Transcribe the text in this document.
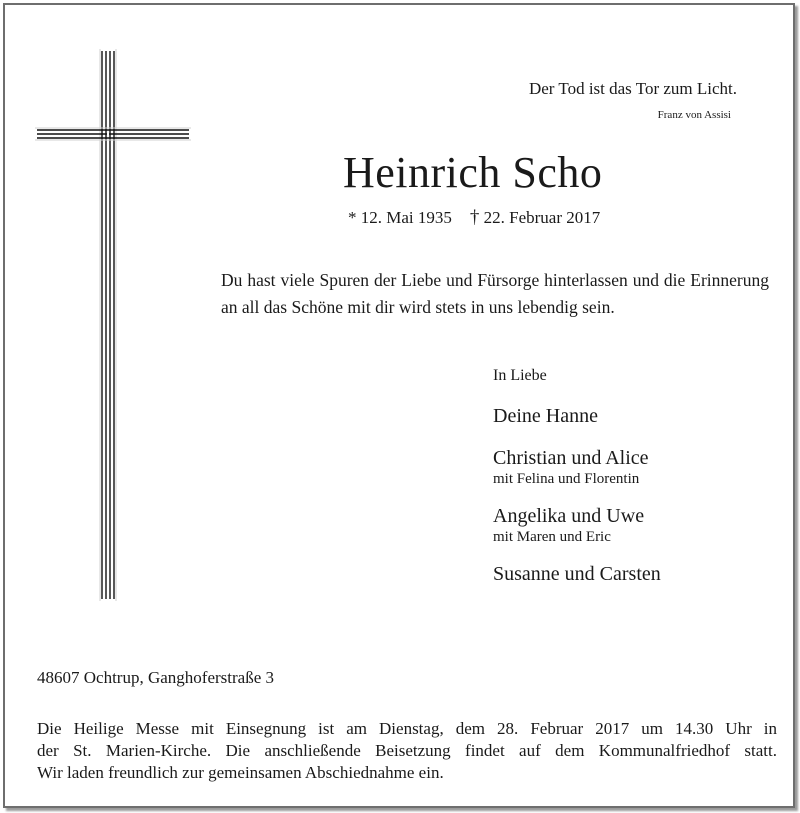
Der Tod ist das Tor zum Licht.
Franz von Assisi
Heinrich Scho
* 12. Mai 1935 † 22. Februar 2017
Du hast viele Spuren der Liebe und Fürsorge hinterlassen und die Erinnerung an all das Schöne mit dir wird stets in uns lebendig sein.
In Liebe
Deine Hanne
Christian und Alice
mit Felina und Florentin
Angelika und Uwe
mit Maren und Eric
Susanne und Carsten
48607 Ochtrup, Ganghoferstraße 3
Die Heilige Messe mit Einsegnung ist am Dienstag, dem 28. Februar 2017 um 14.30 Uhr in
der St. Marien-Kirche. Die anschließende Beisetzung findet auf dem Kommunalfriedhof statt.
Wir laden freundlich zur gemeinsamen Abschiednahme ein.
